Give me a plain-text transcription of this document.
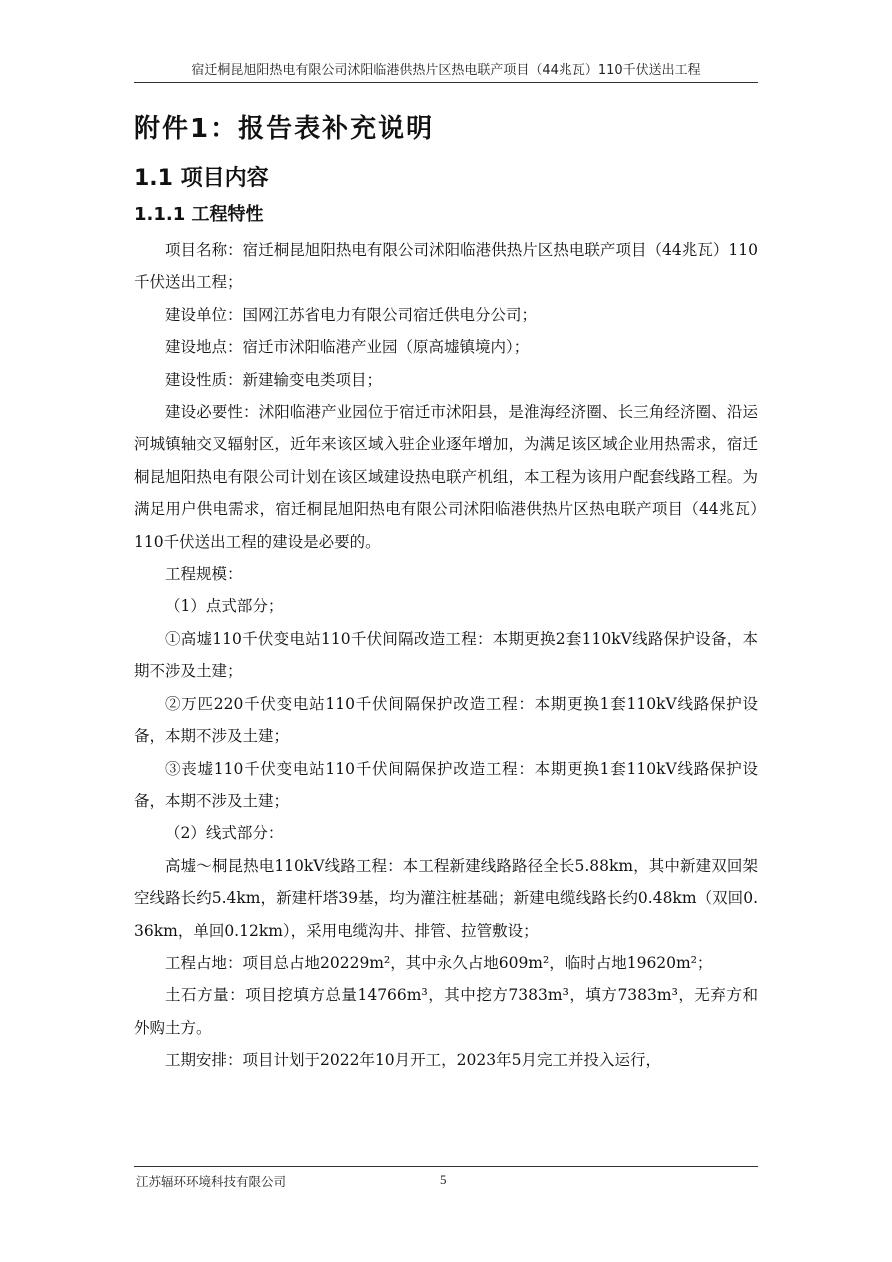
宿迁桐昆旭阳热电有限公司沭阳临港供热片区热电联产项目（44兆瓦）110千伏送出工程
附件1：报告表补充说明
1.1 项目内容
1.1.1 工程特性

项目名称：宿迁桐昆旭阳热电有限公司沭阳临港供热片区热电联产项目（44兆瓦）110千伏送出工程；

建设单位：国网江苏省电力有限公司宿迁供电分公司；

建设地点：宿迁市沭阳临港产业园（原高墟镇境内）；

建设性质：新建输变电类项目；

建设必要性：沭阳临港产业园位于宿迁市沭阳县，是淮海经济圈、长三角经济圈、沿运河城镇轴交叉辐射区，近年来该区域入驻企业逐年增加，为满足该区域企业用热需求，宿迁桐昆旭阳热电有限公司计划在该区域建设热电联产机组，本工程为该用户配套线路工程。为满足用户供电需求，宿迁桐昆旭阳热电有限公司沭阳临港供热片区热电联产项目（44兆瓦）110千伏送出工程的建设是必要的。

工程规模：

（1）点式部分；

①高墟110千伏变电站110千伏间隔改造工程：本期更换2套110kV线路保护设备，本期不涉及土建；

②万匹220千伏变电站110千伏间隔保护改造工程：本期更换1套110kV线路保护设备，本期不涉及土建；

③丧墟110千伏变电站110千伏间隔保护改造工程：本期更换1套110kV线路保护设备，本期不涉及土建；

（2）线式部分：

高墟～桐昆热电110kV线路工程：本工程新建线路路径全长5.88km，其中新建双回架空线路长约5.4km，新建杆塔39基，均为灌注桩基础；新建电缆线路长约0.48km（双回0.36km，单回0.12km），采用电缆沟井、排管、拉管敷设；

工程占地：项目总占地20229m²，其中永久占地609m²，临时占地19620m²；

土石方量：项目挖填方总量14766m³，其中挖方7383m³，填方7383m³，无弃方和外购土方。

工期安排：项目计划于2022年10月开工，2023年5月完工并投入运行，

江苏辐环环境科技有限公司	5
